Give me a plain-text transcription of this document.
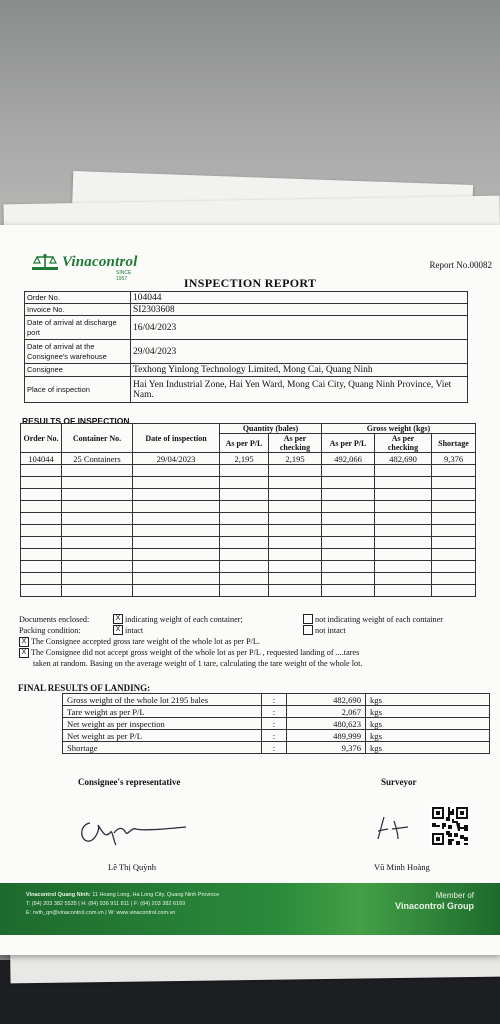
Vinacontrol
SINCE 1957
Report No.00082
INSPECTION REPORT
Order No.	104044
Invoice No.	SI2303608
Date of arrival at discharge port	16/04/2023
Date of arrival at the Consignee's warehouse	29/04/2023
Consignee	Texhong Yinlong Technology Limited, Mong Cai, Quang Ninh
Place of inspection	Hai Yen Industrial Zone, Hai Yen Ward, Mong Cai City, Quang Ninh Province, Viet Nam.
RESULTS OF INSPECTION
Order No.	Container No.	Date of inspection	Quantity (bales)		Gross weight (kgs)		
			As per P/L	As per checking	As per P/L	As per checking	Shortage
104044	25 Containers	29/04/2023	2,195	2,195	492,066	482,690	9,376

Documents enclosed:	X indicating weight of each container;	not indicating weight of each container
Packing condition:	X intact	not intact
X The Consignee accepted gross tare weight of the whole lot as per P/L.
X The Consignee did not accept gross weight of the whole lot as per P/L , requested landing of ....tares
taken at random. Basing on the average weight of 1 tare, calculating the tare weight of the whole lot.
FINAL RESULTS OF LANDING:
Gross weight of the whole lot 2195 bales	:	482,690	kgs
Tare weight as per P/L	:	2,067	kgs
Net weight as per inspection	:	480,623	kgs
Net weight as per P/L	:	489,999	kgs
Shortage	:	9,376	kgs
Consignee's representative	Surveyor
Lê Thị Quỳnh	Vũ Minh Hoàng
Vinacontrol Quang Ninh: 11 Hoang Long, Ha Long City, Quang Ninh Province
T: (84) 203 382 5535 | H: (84) 936 911 811 | F: (84) 203 382 6169
E: nvth_qn@vinacontrol.com.vn | W: www.vinacontrol.com.vn
Member of
Vinacontrol Group
